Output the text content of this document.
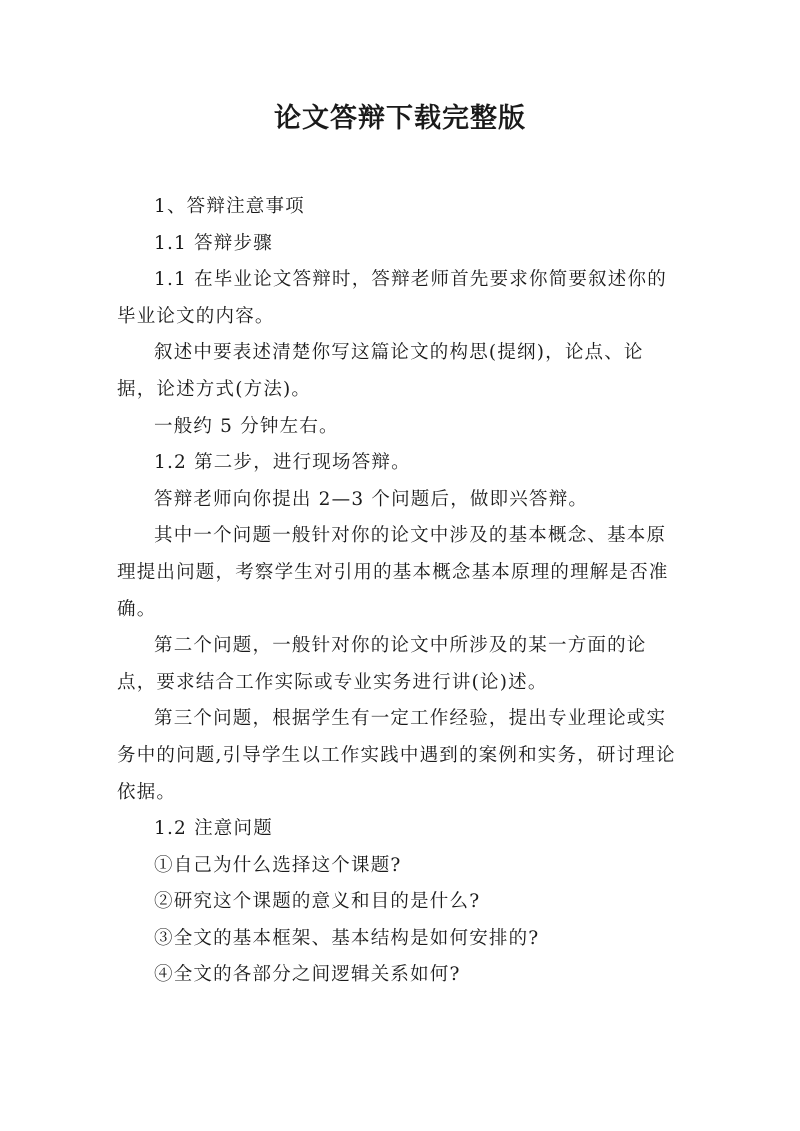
论文答辩下载完整版

1、答辩注意事项

1.1 答辩步骤

1.1 在毕业论文答辩时，答辩老师首先要求你简要叙述你的毕业论文的内容。

叙述中要表述清楚你写这篇论文的构思(提纲)，论点、论据，论述方式(方法)。

一般约 5 分钟左右。

1.2 第二步，进行现场答辩。

答辩老师向你提出 2—3 个问题后，做即兴答辩。

其中一个问题一般针对你的论文中涉及的基本概念、基本原理提出问题，考察学生对引用的基本概念基本原理的理解是否准确。

第二个问题，一般针对你的论文中所涉及的某一方面的论点，要求结合工作实际或专业实务进行讲(论)述。

第三个问题，根据学生有一定工作经验，提出专业理论或实务中的问题,引导学生以工作实践中遇到的案例和实务，研讨理论依据。

1.2 注意问题

①自己为什么选择这个课题?

②研究这个课题的意义和目的是什么?

③全文的基本框架、基本结构是如何安排的?

④全文的各部分之间逻辑关系如何?
